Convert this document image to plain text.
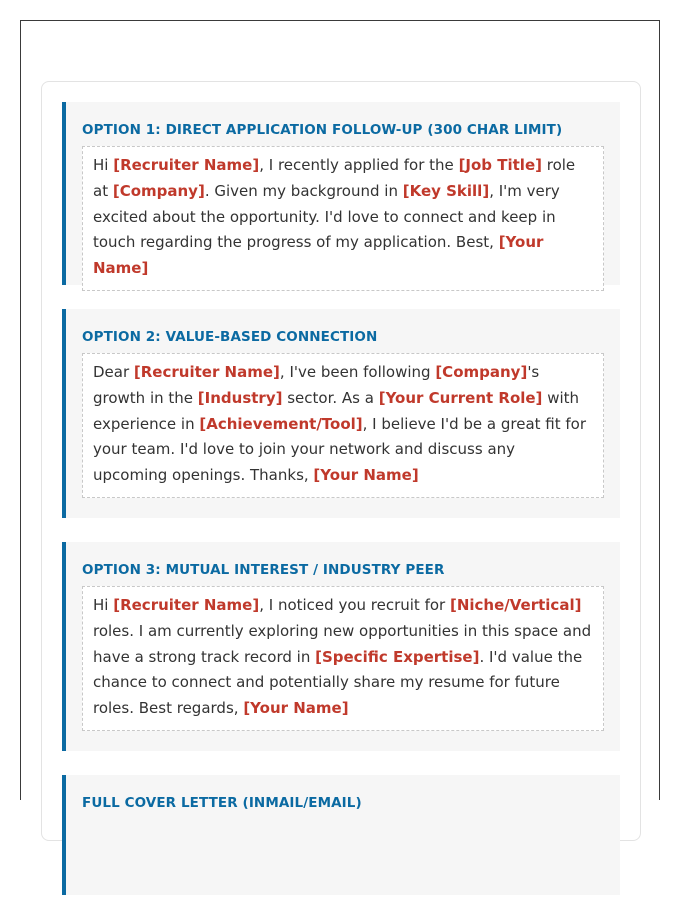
OPTION 1: DIRECT APPLICATION FOLLOW-UP (300 CHAR LIMIT)
Hi [Recruiter Name], I recently applied for the [Job Title] role at [Company]. Given my background in [Key Skill], I'm very excited about the opportunity. I'd love to connect and keep in touch regarding the progress of my application. Best, [Your Name]
OPTION 2: VALUE-BASED CONNECTION
Dear [Recruiter Name], I've been following [Company]'s growth in the [Industry] sector. As a [Your Current Role] with experience in [Achievement/Tool], I believe I'd be a great fit for your team. I'd love to join your network and discuss any upcoming openings. Thanks, [Your Name]
OPTION 3: MUTUAL INTEREST / INDUSTRY PEER
Hi [Recruiter Name], I noticed you recruit for [Niche/Vertical] roles. I am currently exploring new opportunities in this space and have a strong track record in [Specific Expertise]. I'd value the chance to connect and potentially share my resume for future roles. Best regards, [Your Name]
FULL COVER LETTER (INMAIL/EMAIL)
